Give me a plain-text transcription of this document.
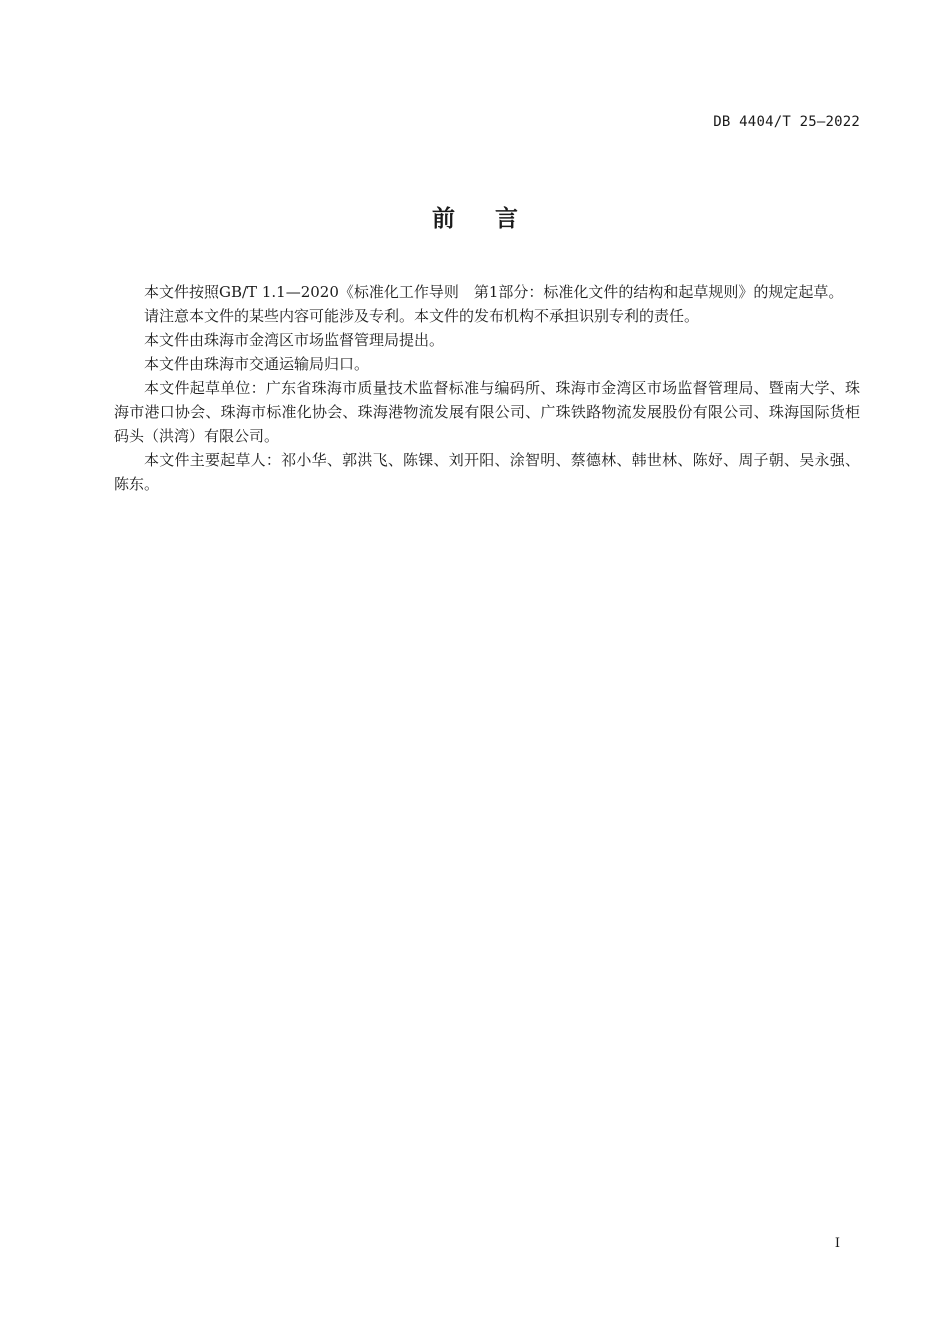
DB 4404/T 25—2022
前言

本文件按照GB/T 1.1—2020《标准化工作导则　第1部分：标准化文件的结构和起草规则》的规定起草。

请注意本文件的某些内容可能涉及专利。本文件的发布机构不承担识别专利的责任。

本文件由珠海市金湾区市场监督管理局提出。

本文件由珠海市交通运输局归口。

本文件起草单位：广东省珠海市质量技术监督标准与编码所、珠海市金湾区市场监督管理局、暨南大学、珠海市港口协会、珠海市标准化协会、珠海港物流发展有限公司、广珠铁路物流发展股份有限公司、珠海国际货柜码头（洪湾）有限公司。

本文件主要起草人：祁小华、郭洪飞、陈锞、刘开阳、涂智明、蔡德林、韩世林、陈妤、周子朝、吴永强、陈东。

I
